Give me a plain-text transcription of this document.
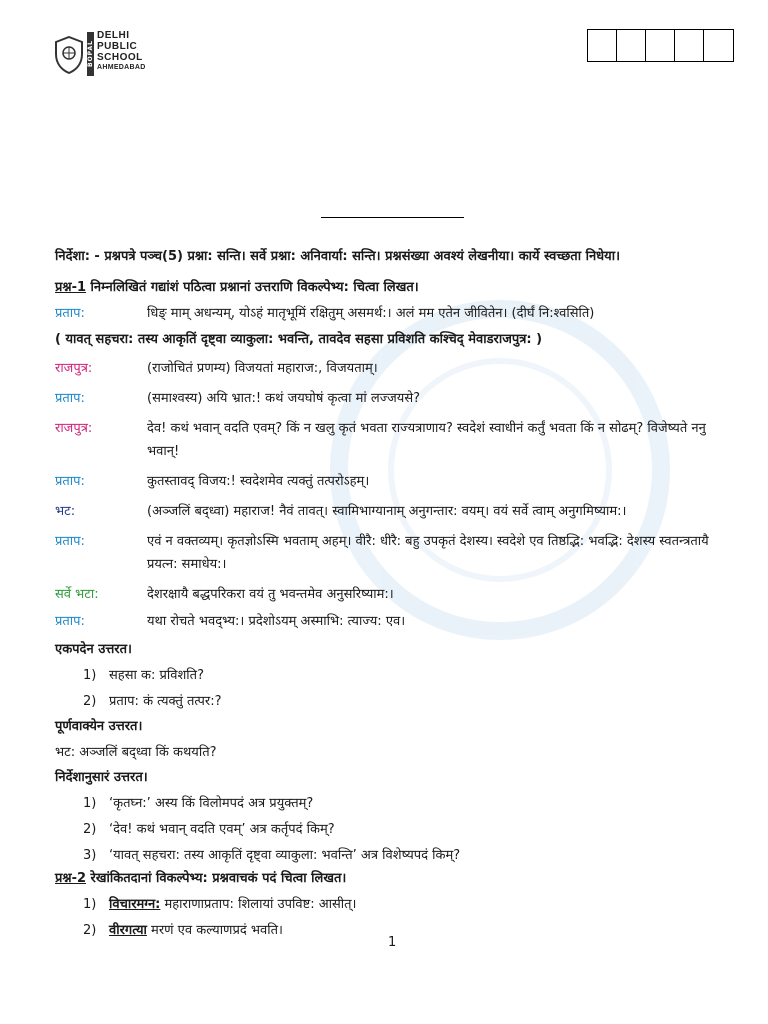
BOPAL
DELHI
PUBLIC
SCHOOL
AHMEDABAD
निर्देशा: - प्रश्नपत्रे पञ्च(5) प्रश्ना: सन्ति। सर्वे प्रश्ना: अनिवार्या: सन्ति। प्रश्नसंख्या अवश्यं लेखनीया। कार्ये स्वच्छता निधेया।
प्रश्न-1 निम्नलिखितं गद्यांशं पठित्वा प्रश्नानां उत्तराणि विकल्पेभ्य: चित्वा लिखत।
प्रताप:	धिङ् माम् अधन्यम्, योऽहं मातृभूमिं रक्षितुम् असमर्थ:। अलं मम एतेन जीवितेन। (दीर्घं नि:श्वसिति)
( यावत् सहचरा: तस्य आकृतिं दृष्ट्वा व्याकुला: भवन्ति, तावदेव सहसा प्रविशति कश्चिद् मेवाडराजपुत्र: )
राजपुत्र:	(राजोचितं प्रणम्य) विजयतां महाराज:, विजयताम्।
प्रताप:	(समाश्वस्य) अयि भ्रात:! कथं जयघोषं कृत्वा मां लज्जयसे?
राजपुत्र:	देव! कथं भवान् वदति एवम्? किं न खलु कृतं भवता राज्यत्राणाय? स्वदेशं स्वाधीनं कर्तुं भवता किं न सोढम्? विजेष्यते ननु भवान्!
प्रताप:	कुतस्तावद् विजय:! स्वदेशमेव त्यक्तुं तत्परोऽहम्।
भट:	(अञ्जलिं बद्ध्वा) महाराज! नैवं तावत्। स्वामिभाग्यानाम् अनुगन्तार: वयम्। वयं सर्वे त्वाम् अनुगमिष्याम:।
प्रताप:	एवं न वक्तव्यम्। कृतज्ञोऽस्मि भवताम् अहम्। वीरै: धीरै: बहु उपकृतं देशस्य। स्वदेशे एव तिष्ठद्भि: भवद्भि: देशस्य स्वतन्त्रतायै प्रयत्न: समाधेय:।
सर्वे भटा:	देशरक्षायै बद्धपरिकरा वयं तु भवन्तमेव अनुसरिष्याम:।
प्रताप:	यथा रोचते भवद्भ्य:। प्रदेशोऽयम् अस्माभि: त्याज्य: एव।
एकपदेन उत्तरत।
1) सहसा क: प्रविशति?
2) प्रताप: कं त्यक्तुं तत्पर:?
पूर्णवाक्येन उत्तरत।
भट: अञ्जलिं बद्ध्वा किं कथयति?
निर्देशानुसारं उत्तरत।
1) ‘कृतघ्न:’ अस्य किं विलोमपदं अत्र प्रयुक्तम्?
2) ‘देव! कथं भवान् वदति एवम्’ अत्र कर्तृपदं किम्?
3) ‘यावत् सहचरा: तस्य आकृतिं दृष्ट्वा व्याकुला: भवन्ति’ अत्र विशेष्यपदं किम्?
प्रश्न-2 रेखांकितदानां विकल्पेभ्य: प्रश्नवाचकं पदं चित्वा लिखत।
1) विचारमग्न: महाराणाप्रताप: शिलायां उपविष्ट: आसीत्।
2) वीरगत्या मरणं एव कल्याणप्रदं भवति।
1
